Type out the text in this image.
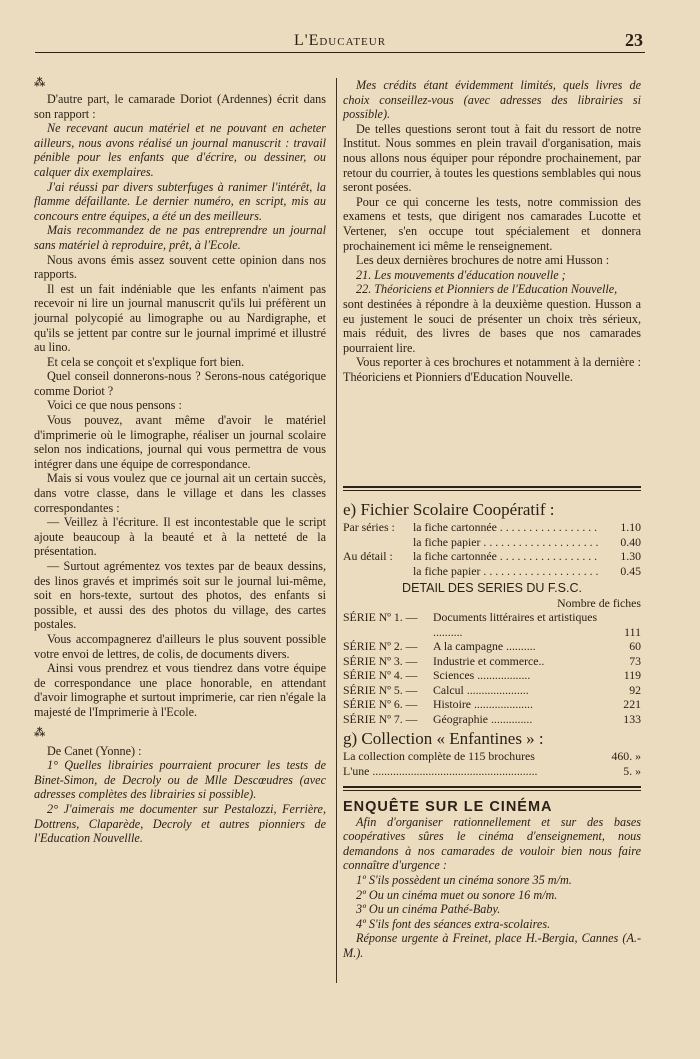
L'Educateur	23

⁂

D'autre part, le camarade Doriot (Ardennes) écrit dans son rapport :

Ne recevant aucun matériel et ne pouvant en acheter ailleurs, nous avons réalisé un journal manuscrit : travail pénible pour les enfants que d'écrire, ou dessiner, ou calquer dix exemplaires.

J'ai réussi par divers subterfuges à ranimer l'intérêt, la flamme défaillante. Le dernier numéro, en script, mis au concours entre équipes, a été un des meilleurs.

Mais recommandez de ne pas entreprendre un journal sans matériel à reproduire, prêt, à l'Ecole.

Nous avons émis assez souvent cette opinion dans nos rapports.

Il est un fait indéniable que les enfants n'aiment pas recevoir ni lire un journal manuscrit qu'ils lui préfèrent un journal polycopié au limographe ou au Nardigraphe, et qu'ils se jettent par contre sur le journal imprimé et illustré au lino.

Et cela se conçoit et s'explique fort bien.

Quel conseil donnerons-nous ? Serons-nous catégorique comme Doriot ?

Voici ce que nous pensons :

Vous pouvez, avant même d'avoir le matériel d'imprimerie où le limographe, réaliser un journal scolaire selon nos indications, journal qui vous permettra de vous intégrer dans une équipe de correspondance.

Mais si vous voulez que ce journal ait un certain succès, dans votre classe, dans le village et dans les classes correspondantes :

— Veillez à l'écriture. Il est incontestable que le script ajoute beaucoup à la beauté et à la netteté de la présentation.

— Surtout agrémentez vos textes par de beaux dessins, des linos gravés et imprimés soit sur le journal lui-même, soit en hors-texte, surtout des photos, des enfants si possible, et aussi des des photos du village, des cartes postales.

Vous accompagnerez d'ailleurs le plus souvent possible votre envoi de lettres, de colis, de documents divers.

Ainsi vous prendrez et vous tiendrez dans votre équipe de correspondance une place honorable, en attendant d'avoir limographe et surtout imprimerie, car rien n'égale la majesté de l'Imprimerie à l'Ecole.

⁂

De Canet (Yonne) :

1° Quelles librairies pourraient procurer les tests de Binet-Simon, de Decroly ou de Mlle Descœudres (avec adresses complètes des librairies si possible).

2° J'aimerais me documenter sur Pestalozzi, Ferrière, Dottrens, Claparède, Decroly et autres pionniers de l'Education Nouvellle.

Mes crédits étant évidemment limités, quels livres de choix conseillez-vous (avec adresses des librairies si possible).

De telles questions seront tout à fait du ressort de notre Institut. Nous sommes en plein travail d'organisation, mais nous allons nous équiper pour répondre prochainement, par retour du courrier, à toutes les questions semblables qui nous seront posées.

Pour ce qui concerne les tests, notre commission des examens et tests, que dirigent nos camarades Lucotte et Vertener, s'en occupe tout spécialement et donnera prochainement ici même le renseignement.

Les deux dernières brochures de notre ami Husson :

21. Les mouvements d'éducation nouvelle ;

22. Théoriciens et Pionniers de l'Education Nouvelle,

sont destinées à répondre à la deuxième question. Husson a eu justement le souci de présenter un choix très sérieux, mais réduit, des livres de bases que nos camarades pourraient lire.

Vous reporter à ces brochures et notamment à la dernière : Théoriciens et Pionniers d'Education Nouvelle.

e) Fichier Scolaire Coopératif :

Par séries :	la fiche cartonnée . . .	1.10
la fiche papier . . .	0.40
Au détail :	la fiche cartonnée . . .	1.30
la fiche papier . . .	0.45
DETAIL DES SERIES DU F.S.C.
Nombre de fiches
SÉRIE Nº 1. —	Documents littéraires et artistiques ..........	111
SÉRIE Nº 2. —	A la campagne ..........	60
SÉRIE Nº 3. —	Industrie et commerce..	73
SÉRIE Nº 4. —	Sciences ..................	119
SÉRIE Nº 5. —	Calcul .....................	92
SÉRIE Nº 6. —	Histoire ....................	221
SÉRIE Nº 7. —	Géographie ..............	133

g) Collection « Enfantines » :

La collection complète de 115 brochures	460. »
L'une ........................................................	5. »

ENQUÊTE SUR LE CINÉMA

Afin d'organiser rationnellement et sur des bases coopératives sûres le cinéma d'enseignement, nous demandons à nos camarades de vouloir bien nous faire connaître d'urgence :

1º S'ils possèdent un cinéma sonore 35 m/m.

2º Ou un cinéma muet ou sonore 16 m/m.

3º Ou un cinéma Pathé-Baby.

4º S'ils font des séances extra-scolaires.

Réponse urgente à Freinet, place H.-Bergia, Cannes (A.-M.).
